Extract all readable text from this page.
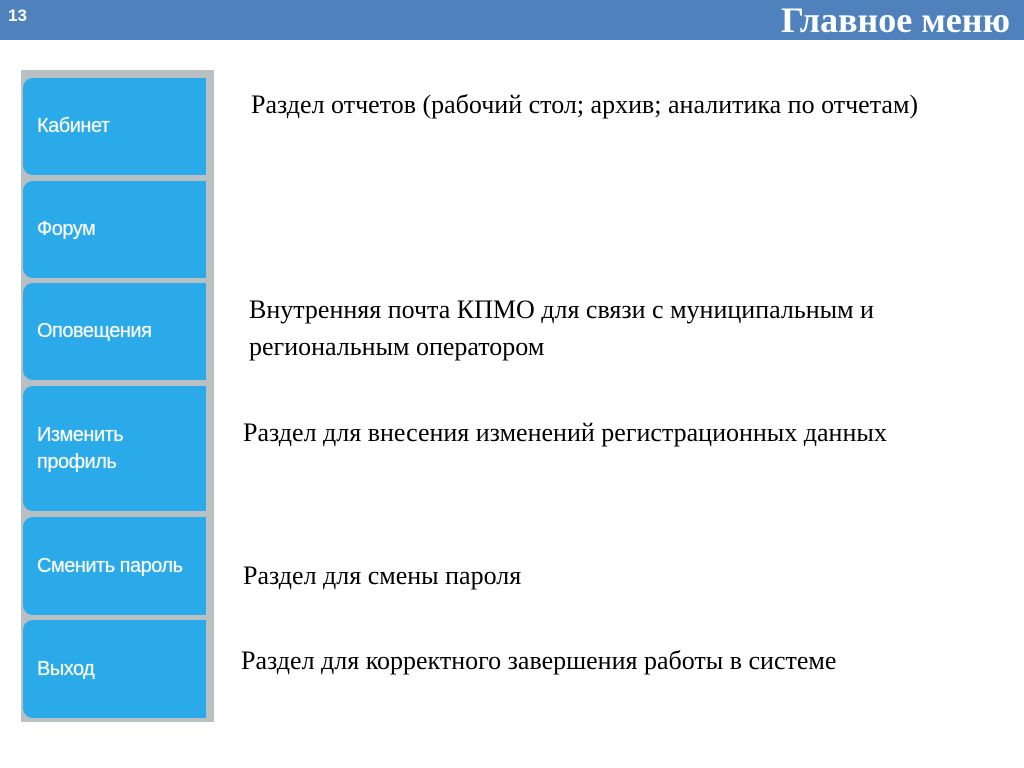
13	Главное меню
Кабинет
Форум
Оповещения
Изменить
профиль
Сменить пароль
Выход
Раздел отчетов (рабочий стол; архив; аналитика по отчетам)
Внутренняя почта КПМО для связи с муниципальным и региональным оператором
Раздел для внесения изменений регистрационных данных
Раздел для смены пароля
Раздел для корректного завершения работы в системе
